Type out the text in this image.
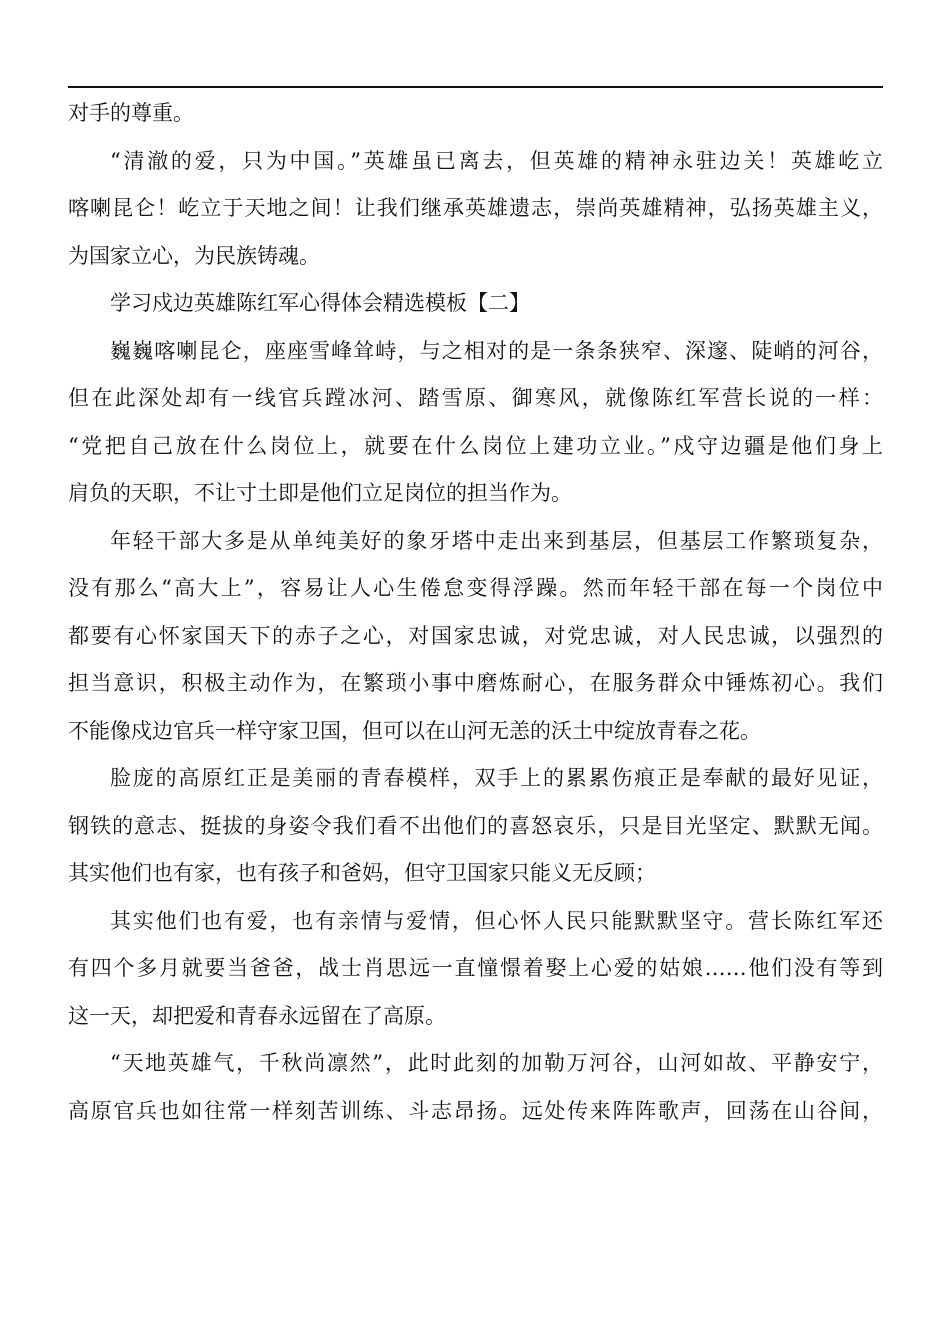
对手的尊重。
“清澈的爱，只为中国。”英雄虽已离去，但英雄的精神永驻边关！英雄屹立
喀喇昆仑！屹立于天地之间！让我们继承英雄遗志，崇尚英雄精神，弘扬英雄主义，
为国家立心，为民族铸魂。
学习戍边英雄陈红军心得体会精选模板【二】
巍巍喀喇昆仑，座座雪峰耸峙，与之相对的是一条条狭窄、深邃、陡峭的河谷，
但在此深处却有一线官兵蹚冰河、踏雪原、御寒风，就像陈红军营长说的一样：
“党把自己放在什么岗位上，就要在什么岗位上建功立业。”戍守边疆是他们身上
肩负的天职，不让寸土即是他们立足岗位的担当作为。
年轻干部大多是从单纯美好的象牙塔中走出来到基层，但基层工作繁琐复杂，
没有那么“高大上”，容易让人心生倦怠变得浮躁。然而年轻干部在每一个岗位中
都要有心怀家国天下的赤子之心，对国家忠诚，对党忠诚，对人民忠诚，以强烈的
担当意识，积极主动作为，在繁琐小事中磨炼耐心，在服务群众中锤炼初心。我们
不能像戍边官兵一样守家卫国，但可以在山河无恙的沃土中绽放青春之花。
脸庞的高原红正是美丽的青春模样，双手上的累累伤痕正是奉献的最好见证，
钢铁的意志、挺拔的身姿令我们看不出他们的喜怒哀乐，只是目光坚定、默默无闻。
其实他们也有家，也有孩子和爸妈，但守卫国家只能义无反顾；
其实他们也有爱，也有亲情与爱情，但心怀人民只能默默坚守。营长陈红军还
有四个多月就要当爸爸，战士肖思远一直憧憬着娶上心爱的姑娘……他们没有等到
这一天，却把爱和青春永远留在了高原。
“天地英雄气，千秋尚凛然”，此时此刻的加勒万河谷，山河如故、平静安宁，
高原官兵也如往常一样刻苦训练、斗志昂扬。远处传来阵阵歌声，回荡在山谷间，
